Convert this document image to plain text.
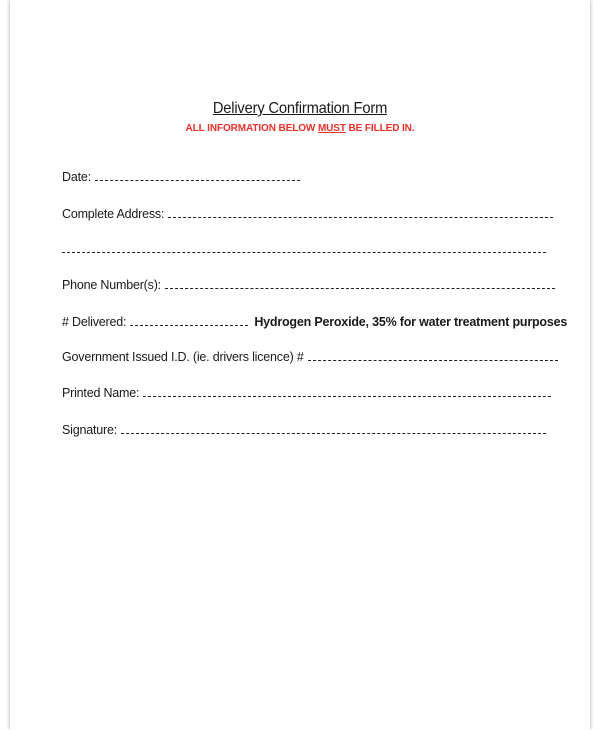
Delivery Confirmation Form
ALL INFORMATION BELOW MUST BE FILLED IN.
Date:
Complete Address:
Phone Number(s):
# Delivered:	Hydrogen Peroxide, 35% for water treatment purposes
Government Issued I.D. (ie. drivers licence) #
Printed Name:
Signature:
